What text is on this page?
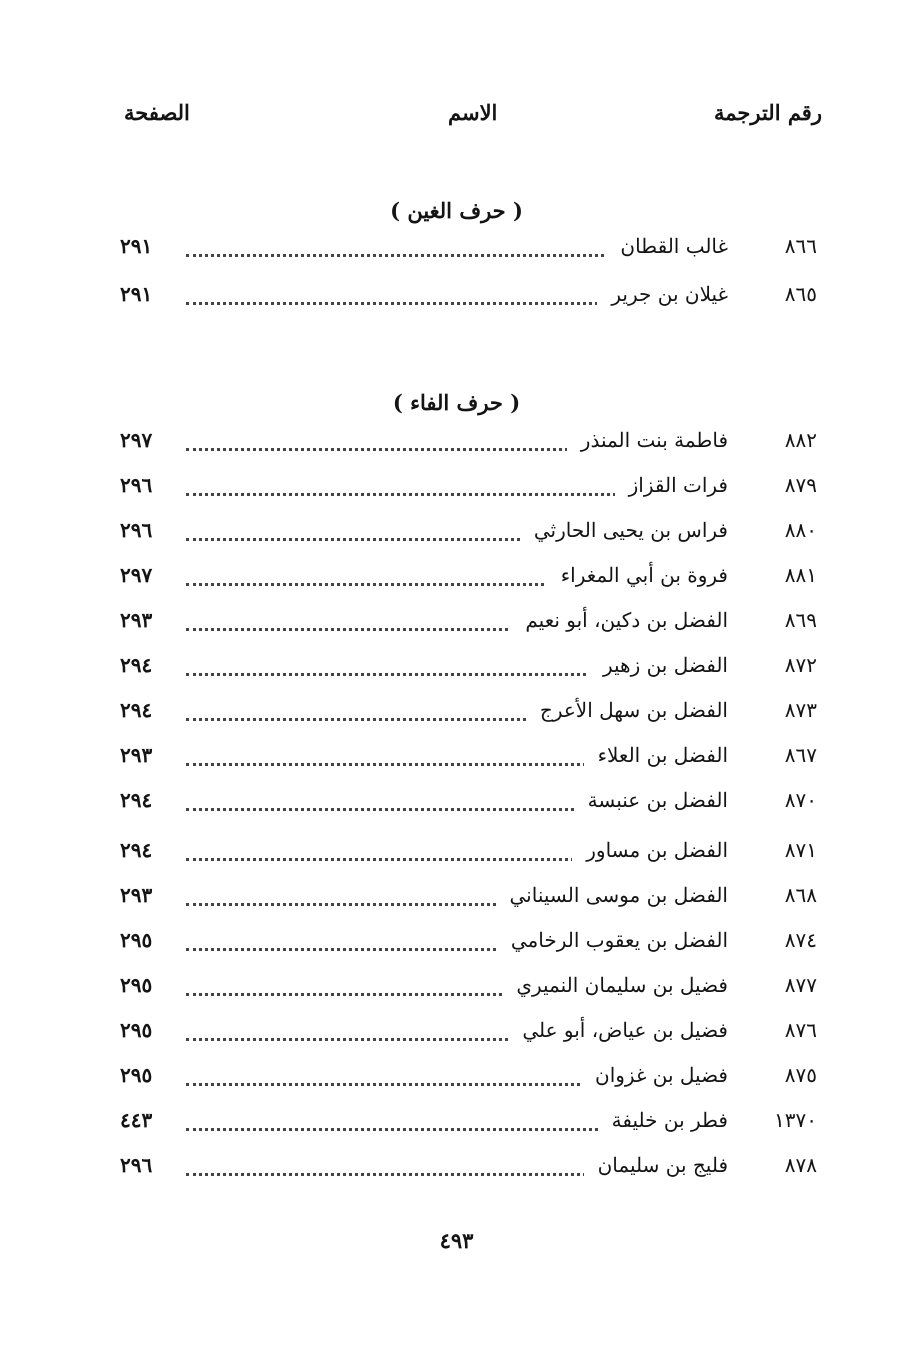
رقم الترجمة
الاسم
الصفحة
( حرف الغين )
٨٦٦
غالب القطان
٢٩١
٨٦٥
غيلان بن جرير
٢٩١
( حرف الفاء )
٨٨٢
فاطمة بنت المنذر
٢٩٧
٨٧٩
فرات القزاز
٢٩٦
٨٨٠
فراس بن يحيى الحارثي
٢٩٦
٨٨١
فروة بن أبي المغراء
٢٩٧
٨٦٩
الفضل بن دكين، أبو نعيم
٢٩٣
٨٧٢
الفضل بن زهير
٢٩٤
٨٧٣
الفضل بن سهل الأعرج
٢٩٤
٨٦٧
الفضل بن العلاء
٢٩٣
٨٧٠
الفضل بن عنبسة
٢٩٤
٨٧١
الفضل بن مساور
٢٩٤
٨٦٨
الفضل بن موسى السيناني
٢٩٣
٨٧٤
الفضل بن يعقوب الرخامي
٢٩٥
٨٧٧
فضيل بن سليمان النميري
٢٩٥
٨٧٦
فضيل بن عياض، أبو علي
٢٩٥
٨٧٥
فضيل بن غزوان
٢٩٥
١٣٧٠
فطر بن خليفة
٤٤٣
٨٧٨
فليج بن سليمان
٢٩٦
٤٩٣
